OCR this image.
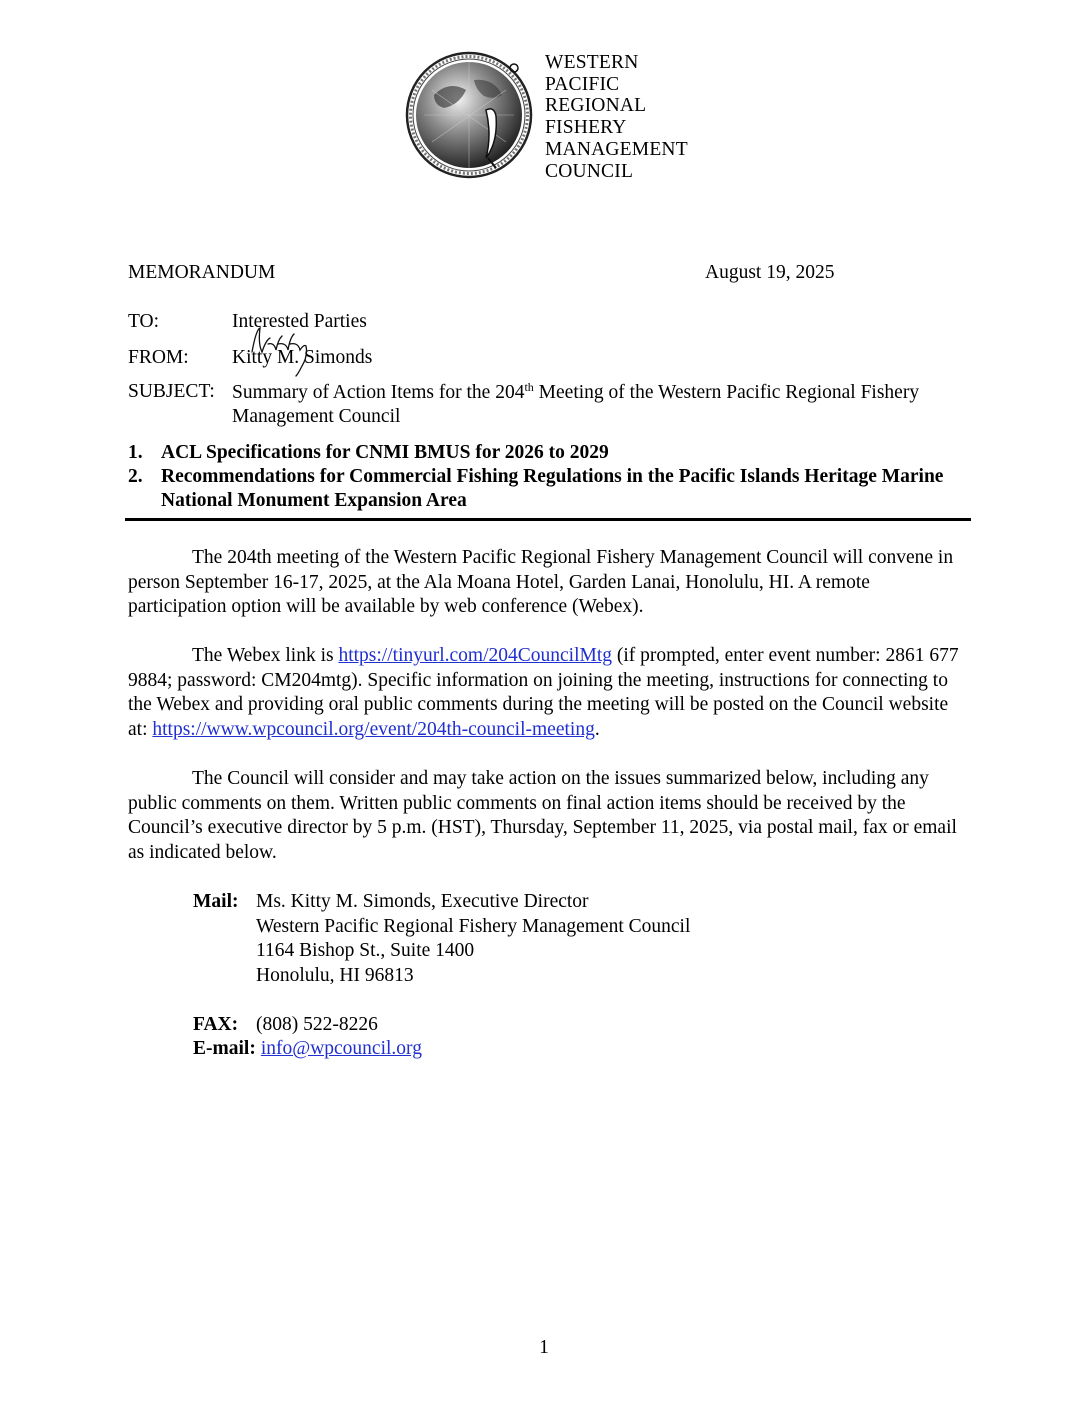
WESTERN
PACIFIC
REGIONAL
FISHERY
MANAGEMENT
COUNCIL
MEMORANDUM	August 19, 2025
TO:	Interested Parties
FROM: Kitty M. Simonds
SUBJECT: Summary of Action Items for the 204th Meeting of the Western Pacific Regional Fishery Management Council
1. ACL Specifications for CNMI BMUS for 2026 to 2029
2. Recommendations for Commercial Fishing Regulations in the Pacific Islands Heritage Marine National Monument Expansion Area
The 204th meeting of the Western Pacific Regional Fishery Management Council will convene in person September 16-17, 2025, at the Ala Moana Hotel, Garden Lanai, Honolulu, HI. A remote participation option will be available by web conference (Webex).
The Webex link is https://tinyurl.com/204CouncilMtg (if prompted, enter event number: 2861 677 9884; password: CM204mtg). Specific information on joining the meeting, instructions for connecting to the Webex and providing oral public comments during the meeting will be posted on the Council website at: https://www.wpcouncil.org/event/204th-council-meeting.
The Council will consider and may take action on the issues summarized below, including any public comments on them. Written public comments on final action items should be received by the Council’s executive director by 5 p.m. (HST), Thursday, September 11, 2025, via postal mail, fax or email as indicated below.
Mail: Ms. Kitty M. Simonds, Executive Director
Western Pacific Regional Fishery Management Council
1164 Bishop St., Suite 1400
Honolulu, HI 96813
FAX: (808) 522-8226
E-mail: info@wpcouncil.org
1
